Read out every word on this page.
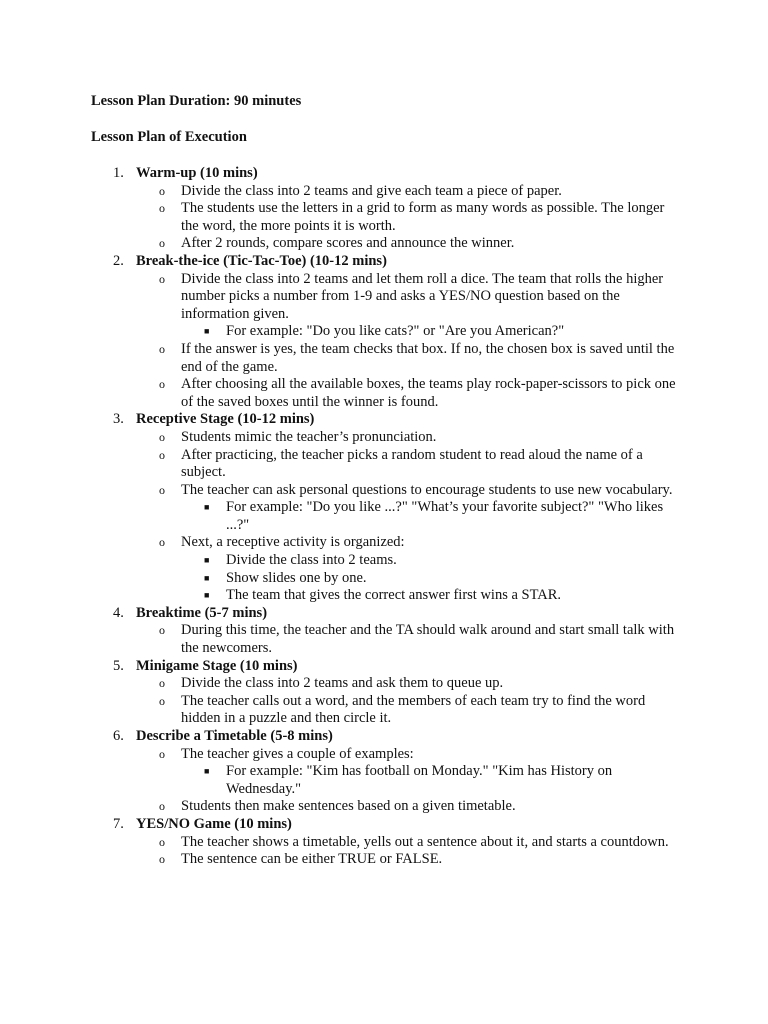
Lesson Plan Duration: 90 minutes
Lesson Plan of Execution
1. Warm-up (10 mins)
o Divide the class into 2 teams and give each team a piece of paper.
o The students use the letters in a grid to form as many words as possible. The longer the word, the more points it is worth.
o After 2 rounds, compare scores and announce the winner.
2. Break-the-ice (Tic-Tac-Toe) (10-12 mins)
o Divide the class into 2 teams and let them roll a dice. The team that rolls the higher number picks a number from 1-9 and asks a YES/NO question based on the information given.
■ For example: "Do you like cats?" or "Are you American?"
o If the answer is yes, the team checks that box. If no, the chosen box is saved until the end of the game.
o After choosing all the available boxes, the teams play rock-paper-scissors to pick one of the saved boxes until the winner is found.
3. Receptive Stage (10-12 mins)
o Students mimic the teacher’s pronunciation.
o After practicing, the teacher picks a random student to read aloud the name of a subject.
o The teacher can ask personal questions to encourage students to use new vocabulary.
■ For example: "Do you like ...?" "What’s your favorite subject?" "Who likes ...?"
o Next, a receptive activity is organized:
■ Divide the class into 2 teams.
■ Show slides one by one.
■ The team that gives the correct answer first wins a STAR.
4. Breaktime (5-7 mins)
o During this time, the teacher and the TA should walk around and start small talk with the newcomers.
5. Minigame Stage (10 mins)
o Divide the class into 2 teams and ask them to queue up.
o The teacher calls out a word, and the members of each team try to find the word hidden in a puzzle and then circle it.
6. Describe a Timetable (5-8 mins)
o The teacher gives a couple of examples:
■ For example: "Kim has football on Monday." "Kim has History on Wednesday."
o Students then make sentences based on a given timetable.
7. YES/NO Game (10 mins)
o The teacher shows a timetable, yells out a sentence about it, and starts a countdown.
o The sentence can be either TRUE or FALSE.
